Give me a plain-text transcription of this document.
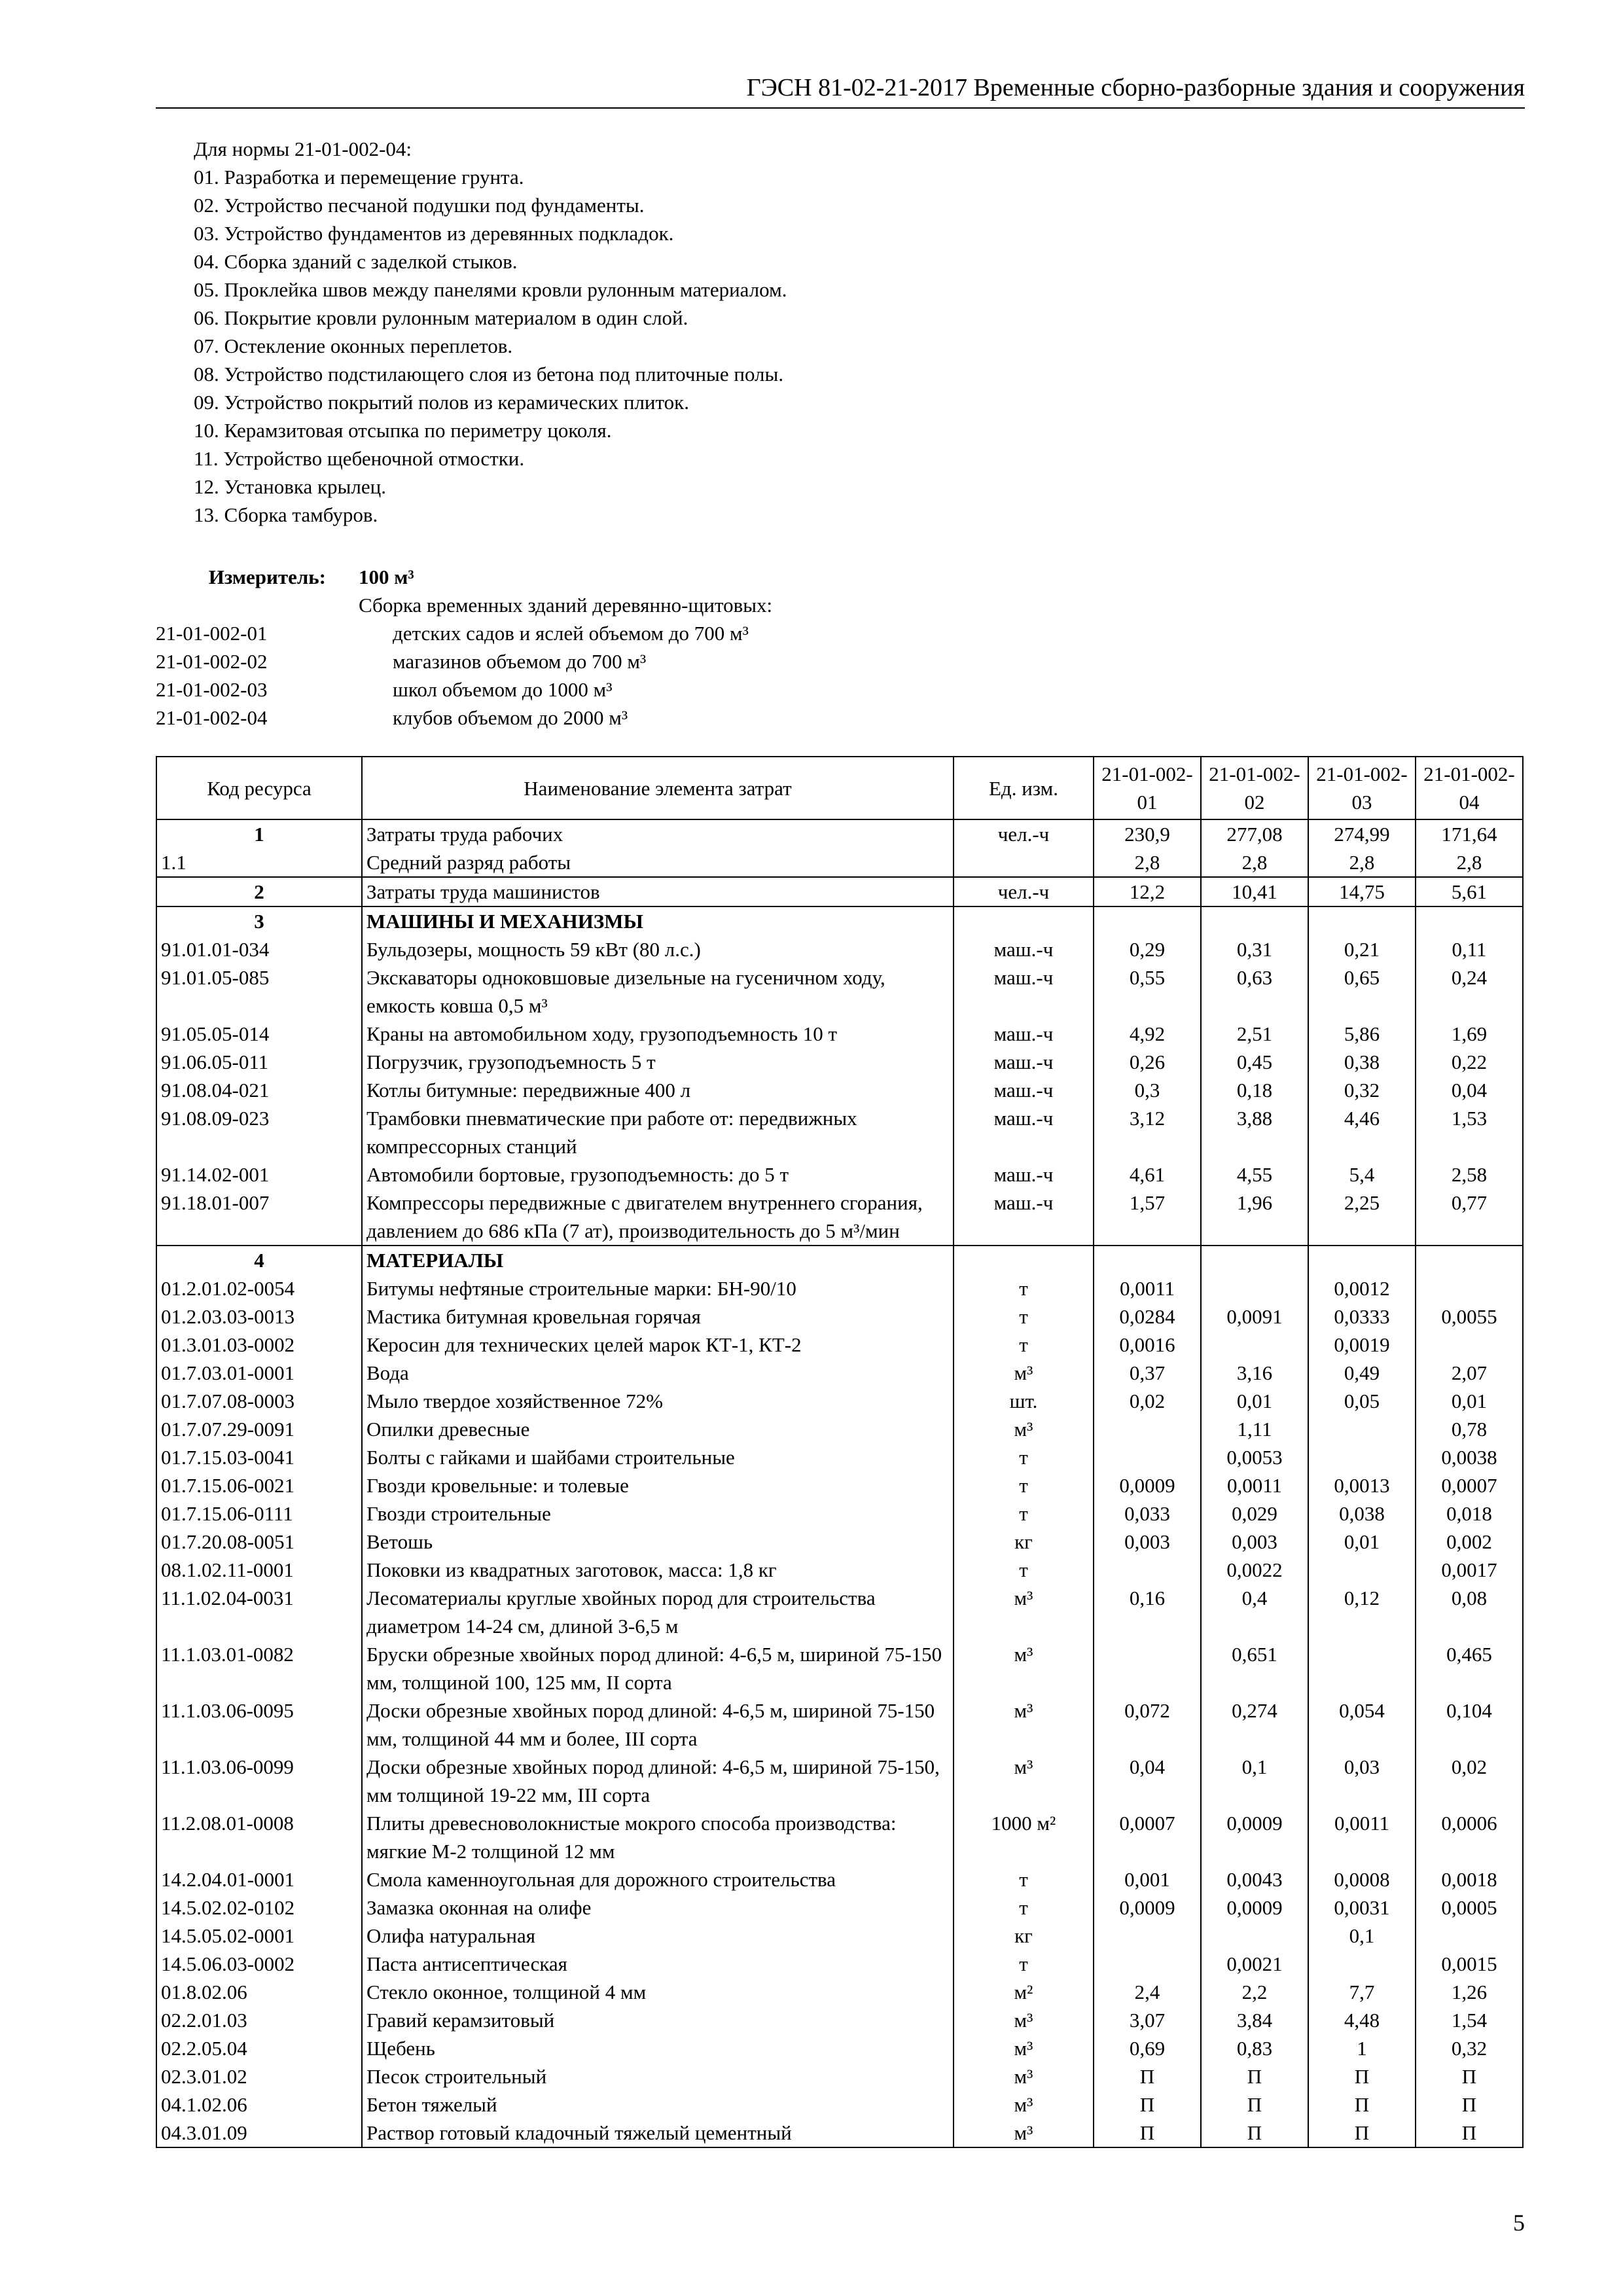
ГЭСН 81-02-21-2017 Временные сборно-разборные здания и сооружения
Для нормы 21-01-002-04:
01. Разработка и перемещение грунта.
02. Устройство песчаной подушки под фундаменты.
03. Устройство фундаментов из деревянных подкладок.
04. Сборка зданий с заделкой стыков.
05. Проклейка швов между панелями кровли рулонным материалом.
06. Покрытие кровли рулонным материалом в один слой.
07. Остекление оконных переплетов.
08. Устройство подстилающего слоя из бетона под плиточные полы.
09. Устройство покрытий полов из керамических плиток.
10. Керамзитовая отсыпка по периметру цоколя.
11. Устройство щебеночной отмостки.
12. Установка крылец.
13. Сборка тамбуров.
Измеритель:	100 м³
Сборка временных зданий деревянно-щитовых:
21-01-002-01	детских садов и яслей объемом до 700 м³
21-01-002-02	магазинов объемом до 700 м³
21-01-002-03	школ объемом до 1000 м³
21-01-002-04	клубов объемом до 2000 м³
Код ресурса	Наименование элемента затрат	Ед. изм.	21-01-002-01	21-01-002-02	21-01-002-03	21-01-002-04
1	Затраты труда рабочих	чел.-ч	230,9	277,08	274,99	171,64
1.1	Средний разряд работы		2,8	2,8	2,8	2,8
2	Затраты труда машинистов	чел.-ч	12,2	10,41	14,75	5,61
3	МАШИНЫ И МЕХАНИЗМЫ					
91.01.01-034	Бульдозеры, мощность 59 кВт (80 л.с.)	маш.-ч	0,29	0,31	0,21	0,11
91.01.05-085	Экскаваторы одноковшовые дизельные на гусеничном ходу, емкость ковша 0,5 м³	маш.-ч	0,55	0,63	0,65	0,24
91.05.05-014	Краны на автомобильном ходу, грузоподъемность 10 т	маш.-ч	4,92	2,51	5,86	1,69
91.06.05-011	Погрузчик, грузоподъемность 5 т	маш.-ч	0,26	0,45	0,38	0,22
91.08.04-021	Котлы битумные: передвижные 400 л	маш.-ч	0,3	0,18	0,32	0,04
91.08.09-023	Трамбовки пневматические при работе от: передвижных компрессорных станций	маш.-ч	3,12	3,88	4,46	1,53
91.14.02-001	Автомобили бортовые, грузоподъемность: до 5 т	маш.-ч	4,61	4,55	5,4	2,58
91.18.01-007	Компрессоры передвижные с двигателем внутреннего сгорания, давлением до 686 кПа (7 ат), производительность до 5 м³/мин	маш.-ч	1,57	1,96	2,25	0,77
4	МАТЕРИАЛЫ					
01.2.01.02-0054	Битумы нефтяные строительные марки: БН-90/10	т	0,0011		0,0012	
01.2.03.03-0013	Мастика битумная кровельная горячая	т	0,0284	0,0091	0,0333	0,0055
01.3.01.03-0002	Керосин для технических целей марок КТ-1, КТ-2	т	0,0016		0,0019	
01.7.03.01-0001	Вода	м³	0,37	3,16	0,49	2,07
01.7.07.08-0003	Мыло твердое хозяйственное 72%	шт.	0,02	0,01	0,05	0,01
01.7.07.29-0091	Опилки древесные	м³		1,11		0,78
01.7.15.03-0041	Болты с гайками и шайбами строительные	т		0,0053		0,0038
01.7.15.06-0021	Гвозди кровельные: и толевые	т	0,0009	0,0011	0,0013	0,0007
01.7.15.06-0111	Гвозди строительные	т	0,033	0,029	0,038	0,018
01.7.20.08-0051	Ветошь	кг	0,003	0,003	0,01	0,002
08.1.02.11-0001	Поковки из квадратных заготовок, масса: 1,8 кг	т		0,0022		0,0017
11.1.02.04-0031	Лесоматериалы круглые хвойных пород для строительства диаметром 14-24 см, длиной 3-6,5 м	м³	0,16	0,4	0,12	0,08
11.1.03.01-0082	Бруски обрезные хвойных пород длиной: 4-6,5 м, шириной 75-150 мм, толщиной 100, 125 мм, II сорта	м³		0,651		0,465
11.1.03.06-0095	Доски обрезные хвойных пород длиной: 4-6,5 м, шириной 75-150 мм, толщиной 44 мм и более, III сорта	м³	0,072	0,274	0,054	0,104
11.1.03.06-0099	Доски обрезные хвойных пород длиной: 4-6,5 м, шириной 75-150, мм толщиной 19-22 мм, III сорта	м³	0,04	0,1	0,03	0,02
11.2.08.01-0008	Плиты древесноволокнистые мокрого способа производства: мягкие М-2 толщиной 12 мм	1000 м²	0,0007	0,0009	0,0011	0,0006
14.2.04.01-0001	Смола каменноугольная для дорожного строительства	т	0,001	0,0043	0,0008	0,0018
14.5.02.02-0102	Замазка оконная на олифе	т	0,0009	0,0009	0,0031	0,0005
14.5.05.02-0001	Олифа натуральная	кг			0,1	
14.5.06.03-0002	Паста антисептическая	т		0,0021		0,0015
01.8.02.06	Стекло оконное, толщиной 4 мм	м²	2,4	2,2	7,7	1,26
02.2.01.03	Гравий керамзитовый	м³	3,07	3,84	4,48	1,54
02.2.05.04	Щебень	м³	0,69	0,83	1	0,32
02.3.01.02	Песок строительный	м³	П	П	П	П
04.1.02.06	Бетон тяжелый	м³	П	П	П	П
04.3.01.09	Раствор готовый кладочный тяжелый цементный	м³	П	П	П	П
5
